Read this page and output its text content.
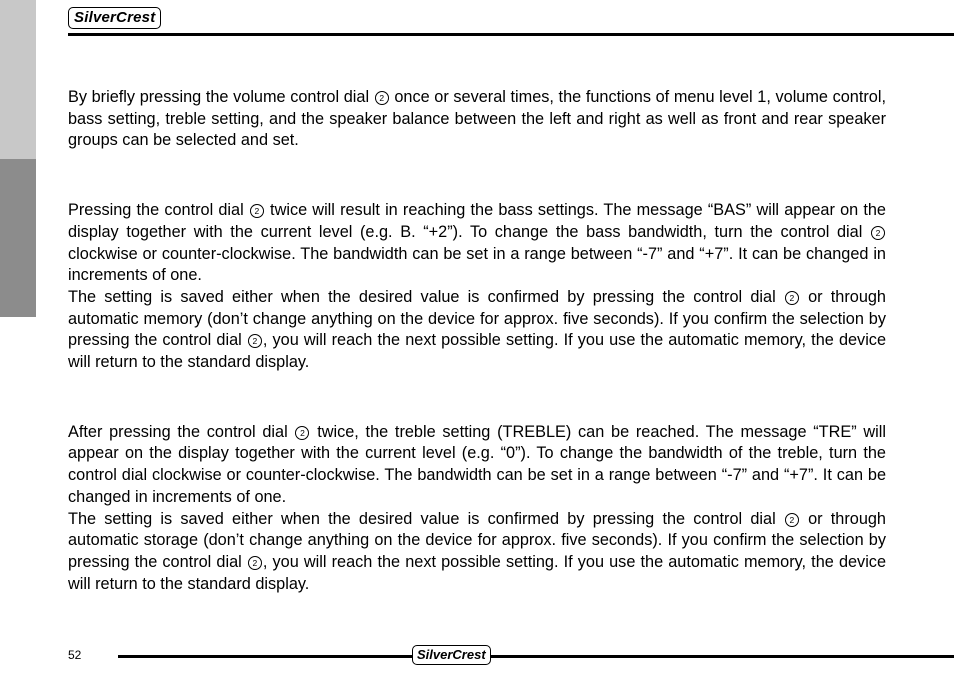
SilverCrest

By briefly pressing the volume control dial 2 once or several times, the functions of menu level 1, volume control, bass setting, treble setting, and the speaker balance between the left and right as well as front and rear speaker groups can be selected and set.

Pressing the control dial 2 twice will result in reaching the bass settings. The message “BAS” will appear on the display together with the current level (e.g. B. “+2”). To change the bass bandwidth, turn the control dial 2 clockwise or counter-clockwise. The bandwidth can be set in a range between “-7” and “+7”. It can be changed in increments of one.

The setting is saved either when the desired value is confirmed by pressing the control dial 2 or through automatic memory (don’t change anything on the device for approx. five seconds). If you confirm the selection by pressing the control dial 2 , you will reach the next possible setting. If you use the automatic memory, the device will return to the standard display.

After pressing the control dial 2 twice, the treble setting (TREBLE) can be reached. The message “TRE” will appear on the display together with the current level (e.g. “0”). To change the bandwidth of the treble, turn the control dial clockwise or counter-clockwise. The bandwidth can be set in a range between “-7” and “+7”. It can be changed in increments of one.

The setting is saved either when the desired value is confirmed by pressing the control dial 2 or through automatic storage (don’t change anything on the device for approx. five seconds). If you confirm the selection by pressing the control dial 2 , you will reach the next possible setting. If you use the automatic memory, the device will return to the standard display.

52	SilverCrest
